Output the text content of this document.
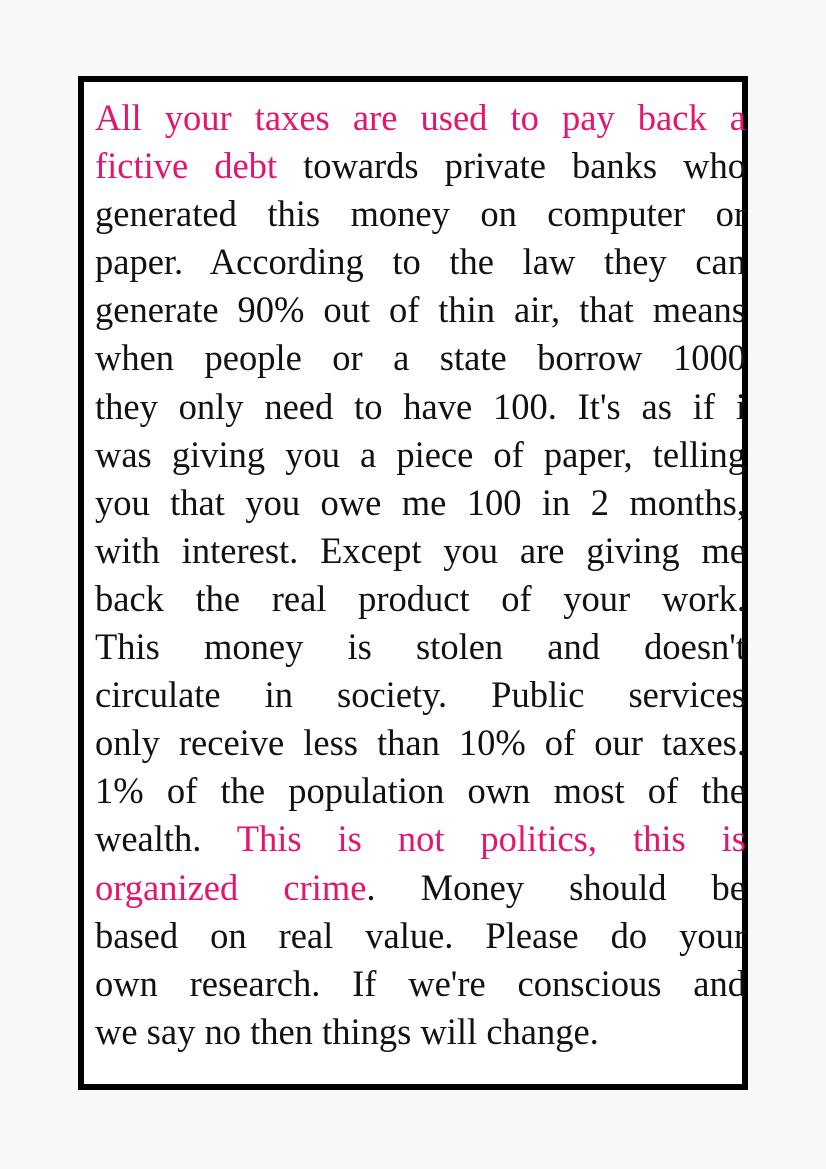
All your taxes are used to pay back a
fictive debt towards private banks who
generated this money on computer or
paper. According to the law they can
generate 90% out of thin air, that means
when people or a state borrow 1000
they only need to have 100. It's as if i
was giving you a piece of paper, telling
you that you owe me 100 in 2 months,
with interest. Except you are giving me
back the real product of your work.
This money is stolen and doesn't
circulate in society. Public services
only receive less than 10% of our taxes.
1% of the population own most of the
wealth. This is not politics, this is
organized crime. Money should be
based on real value. Please do your
own research. If we're conscious and
we say no then things will change.
